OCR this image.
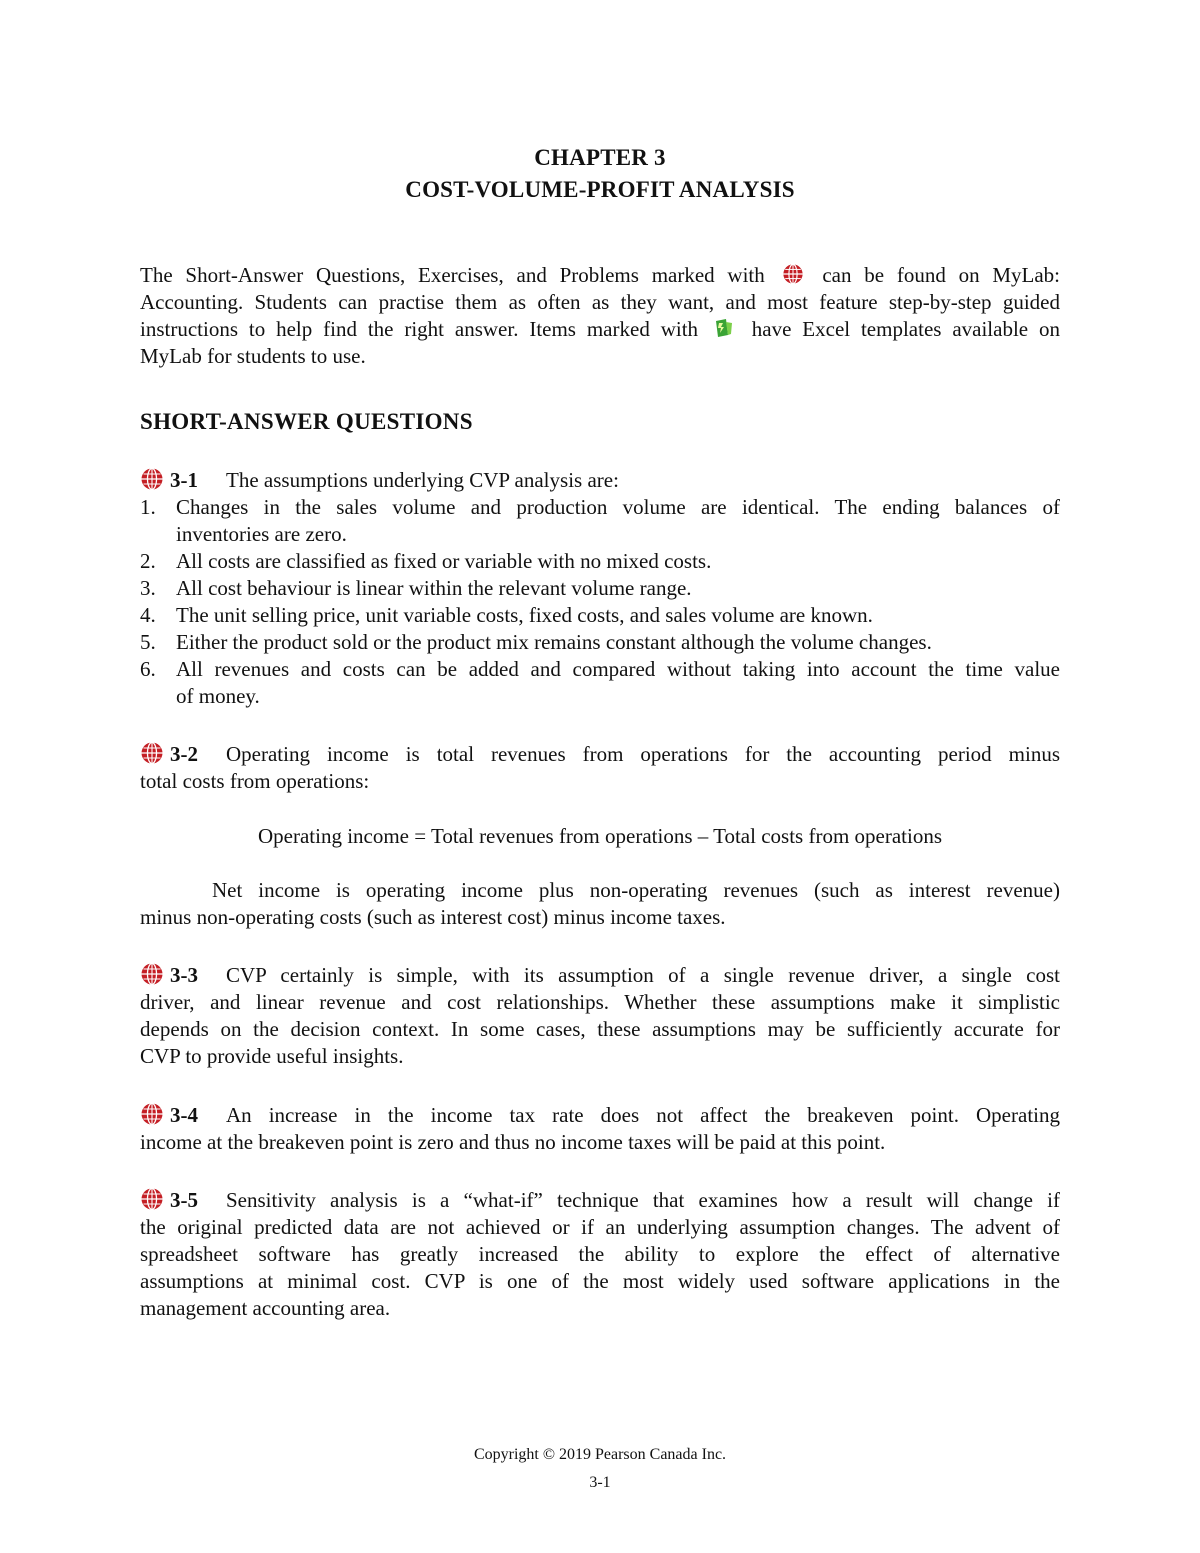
CHAPTER 3
COST-VOLUME-PROFIT ANALYSIS
The Short-Answer Questions, Exercises, and Problems marked with	can be found on MyLab:
Accounting. Students can practise them as often as they want, and most feature step-by-step guided
instructions to help find the right answer. Items marked with	have Excel templates available on
MyLab for students to use.
SHORT-ANSWER QUESTIONS
3-1 The assumptions underlying CVP analysis are:
1. Changes in the sales volume and production volume are identical. The ending balances of
inventories are zero.
2. All costs are classified as fixed or variable with no mixed costs.
3. All cost behaviour is linear within the relevant volume range.
4. The unit selling price, unit variable costs, fixed costs, and sales volume are known.
5. Either the product sold or the product mix remains constant although the volume changes.
6. All revenues and costs can be added and compared without taking into account the time value
of money.
3-2 Operating income is total revenues from operations for the accounting period minus
total costs from operations:
Operating income = Total revenues from operations – Total costs from operations
Net income is operating income plus non-operating revenues (such as interest revenue)
minus non-operating costs (such as interest cost) minus income taxes.
3-3 CVP certainly is simple, with its assumption of a single revenue driver, a single cost
driver, and linear revenue and cost relationships. Whether these assumptions make it simplistic
depends on the decision context. In some cases, these assumptions may be sufficiently accurate for
CVP to provide useful insights.
3-4 An increase in the income tax rate does not affect the breakeven point. Operating
income at the breakeven point is zero and thus no income taxes will be paid at this point.
3-5 Sensitivity analysis is a “what-if” technique that examines how a result will change if
the original predicted data are not achieved or if an underlying assumption changes. The advent of
spreadsheet software has greatly increased the ability to explore the effect of alternative
assumptions at minimal cost. CVP is one of the most widely used software applications in the
management accounting area.
Copyright © 2019 Pearson Canada Inc.
3-1
